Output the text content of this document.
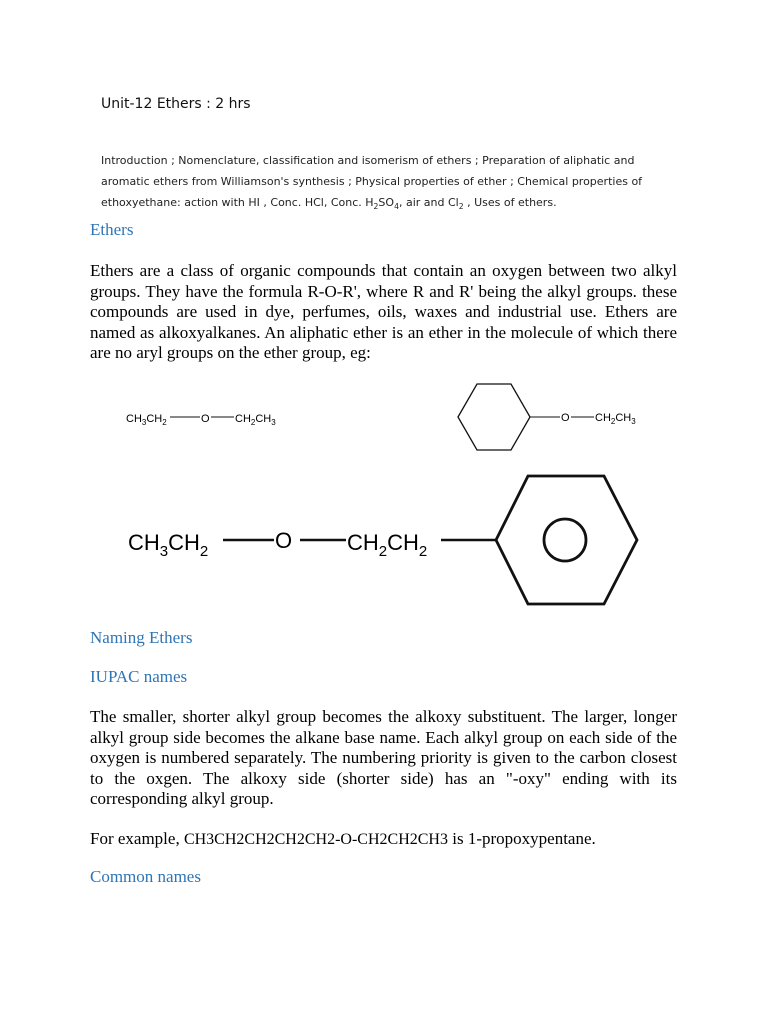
Unit-12 Ethers : 2 hrs
Introduction ; Nomenclature, classification and isomerism of ethers ; Preparation of aliphatic and aromatic ethers from Williamson's synthesis ; Physical properties of ether ; Chemical properties of ethoxyethane: action with HI , Conc. HCl, Conc. $H_2SO_4$, air and $Cl_2$ , Uses of ethers.
Ethers
Ethers are a class of organic compounds that contain an oxygen between two alkyl groups. They have the formula R-O-R', where R and R' being the alkyl groups. these compounds are used in dye, perfumes, oils, waxes and industrial use. Ethers are named as alkoxyalkanes. An aliphatic ether is an ether in the molecule of which there are no aryl groups on the ether group, eg:
$CH_3CH_2$	O $CH_2CH_3$	O $CH_2CH_3$
$CH_3CH_2$	O $CH_2CH_2$
Naming Ethers
IUPAC names
The smaller, shorter alkyl group becomes the alkoxy substituent. The larger, longer alkyl group side becomes the alkane base name. Each alkyl group on each side of the oxygen is numbered separately. The numbering priority is given to the carbon closest to the oxgen. The alkoxy side (shorter side) has an "-oxy" ending with its corresponding alkyl group.
For example, CH3CH2CH2CH2CH2-O-CH2CH2CH3 is 1-propoxypentane.
Common names
